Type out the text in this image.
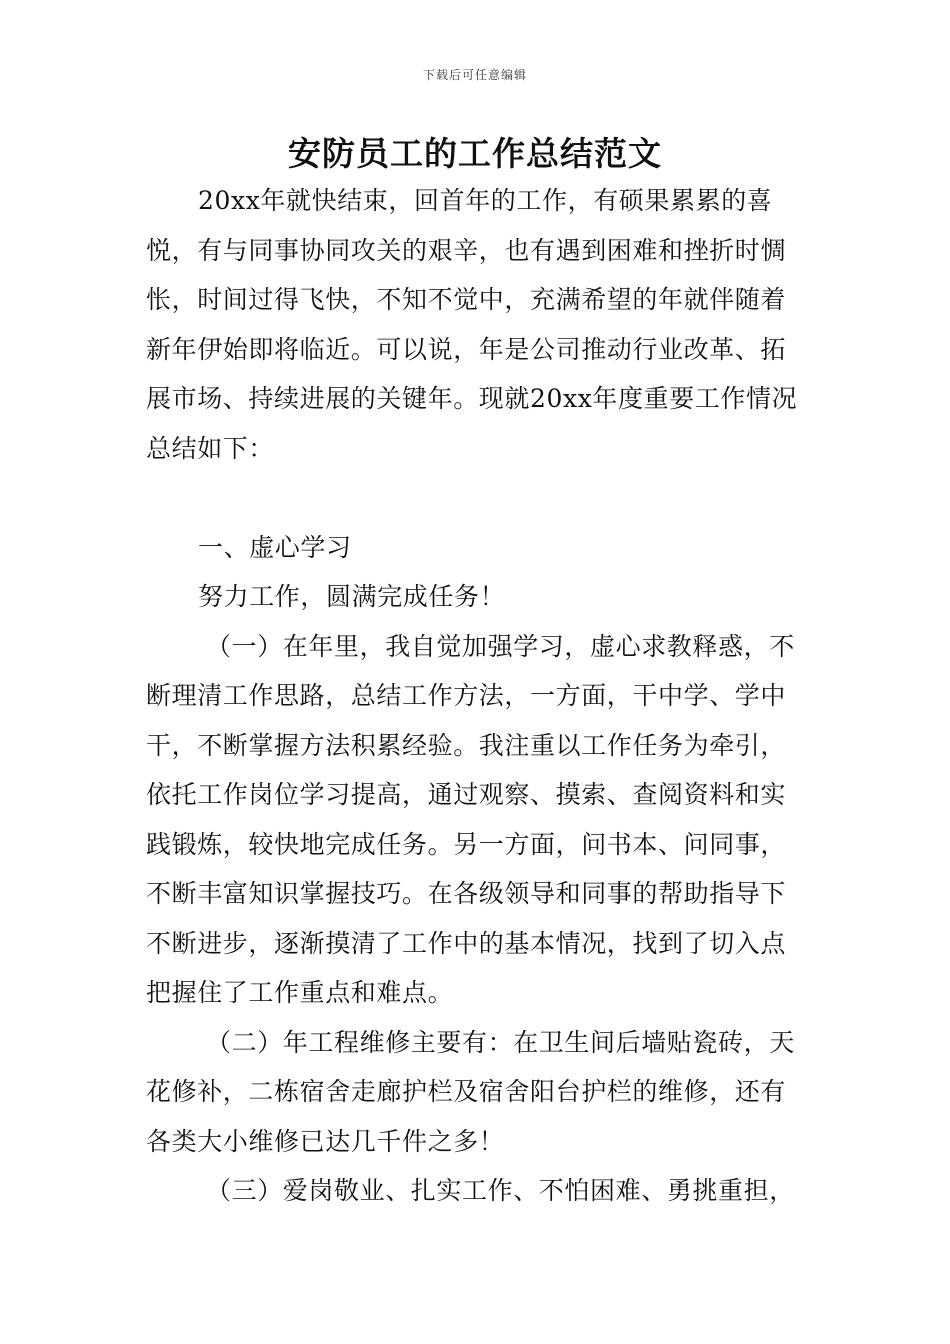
下载后可任意编辑
安防员工的工作总结范文

20xx年就快结束，回首年的工作，有硕果累累的喜悦，有与同事协同攻关的艰辛，也有遇到困难和挫折时惆怅，时间过得飞快，不知不觉中，充满希望的年就伴随着新年伊始即将临近。可以说，年是公司推动行业改革、拓展市场、持续进展的关键年。现就20xx年度重要工作情况总结如下：

一、虚心学习

努力工作，圆满完成任务！

（一）在年里，我自觉加强学习，虚心求教释惑，不断理清工作思路，总结工作方法，一方面，干中学、学中干，不断掌握方法积累经验。我注重以工作任务为牵引，依托工作岗位学习提高，通过观察、摸索、查阅资料和实践锻炼，较快地完成任务。另一方面，问书本、问同事，不断丰富知识掌握技巧。在各级领导和同事的帮助指导下不断进步，逐渐摸清了工作中的基本情况，找到了切入点把握住了工作重点和难点。

（二）年工程维修主要有：在卫生间后墙贴瓷砖，天花修补，二栋宿舍走廊护栏及宿舍阳台护栏的维修，还有各类大小维修已达几千件之多！

（三）爱岗敬业、扎实工作、不怕困难、勇挑重担，
